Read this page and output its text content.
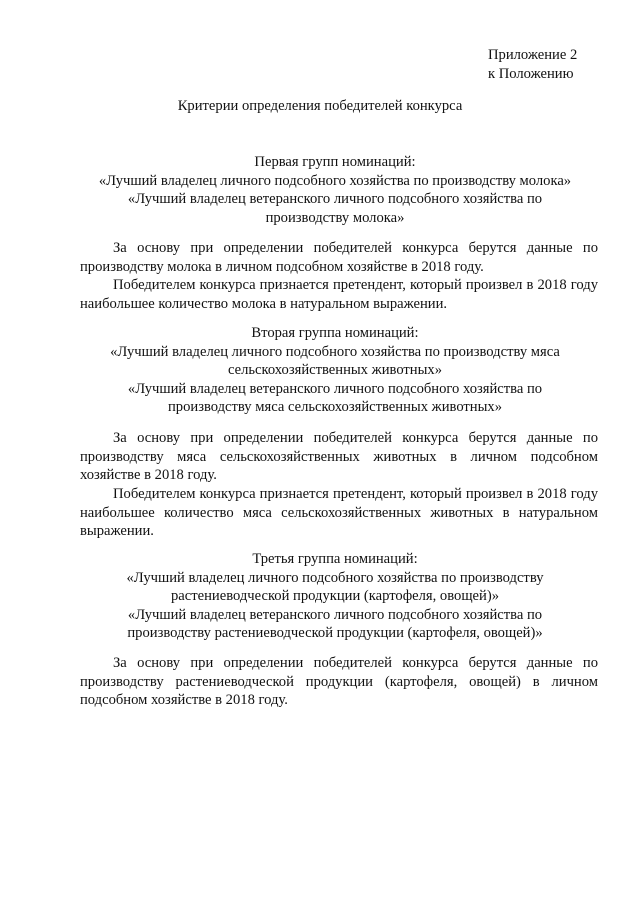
Приложение 2
к Положению
Критерии определения победителей конкурса
Первая групп номинаций:
«Лучший владелец личного подсобного хозяйства по производству молока»
«Лучший владелец ветеранского личного подсобного хозяйства по
производству молока»

За основу при определении победителей конкурса берутся данные по производству молока в личном подсобном хозяйстве в 2018 году.

Победителем конкурса признается претендент, который произвел в 2018 году наибольшее количество молока в натуральном выражении.

Вторая группа номинаций:
«Лучший владелец личного подсобного хозяйства по производству мяса
сельскохозяйственных животных»
«Лучший владелец ветеранского личного подсобного хозяйства по
производству мяса сельскохозяйственных животных»

За основу при определении победителей конкурса берутся данные по производству мяса сельскохозяйственных животных в личном подсобном хозяйстве в 2018 году.

Победителем конкурса признается претендент, который произвел в 2018 году наибольшее количество мяса сельскохозяйственных животных в натуральном выражении.

Третья группа номинаций:
«Лучший владелец личного подсобного хозяйства по производству
растениеводческой продукции (картофеля, овощей)»
«Лучший владелец ветеранского личного подсобного хозяйства по
производству растениеводческой продукции (картофеля, овощей)»

За основу при определении победителей конкурса берутся данные по производству растениеводческой продукции (картофеля, овощей) в личном подсобном хозяйстве в 2018 году.
